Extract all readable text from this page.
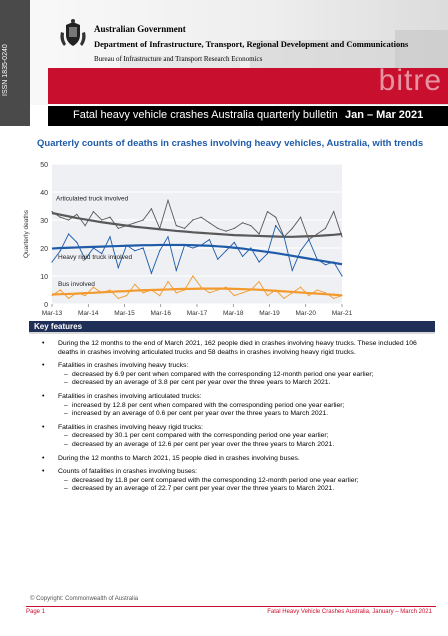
bitre
ISSN 1835-0240
Australian Government
Department of Infrastructure, Transport, Regional Development and Communications
Bureau of Infrastructure and Transport Research Economics
Fatal heavy vehicle crashes Australia quarterly bulletin Jan – Mar 2021
Quarterly counts of deaths in crashes involving heavy vehicles, Australia, with trends
0
10
20
30
40
50
Quarterly deaths
Mar-13 Mar-14 Mar-15 Mar-16 Mar-17 Mar-18 Mar-19 Mar-20 Mar-21
Articulated truck involved
Heavy rigid truck involved
Bus involved
Key features
• During the 12 months to the end of March 2021, 162 people died in crashes involving heavy trucks. These included 106 deaths in crashes involving articulated trucks and 58 deaths in crashes involving heavy rigid trucks.
• Fatalities in crashes involving heavy trucks:
– decreased by 6.9 per cent when compared with the corresponding 12-month period one year earlier;
– decreased by an average of 3.8 per cent per year over the three years to March 2021.
• Fatalities in crashes involving articulated trucks:
– increased by 12.8 per cent when compared with the corresponding period one year earlier;
– increased by an average of 0.6 per cent per year over the three years to March 2021.
• Fatalities in crashes involving heavy rigid trucks:
– decreased by 30.1 per cent compared with the corresponding period one year earlier;
– decreased by an average of 12.6 per cent per year over the three years to March 2021.
• During the 12 months to March 2021, 15 people died in crashes involving buses.
• Counts of fatalities in crashes involving buses:
– decreased by 11.8 per cent compared with the corresponding 12-month period one year earlier;
– decreased by an average of 22.7 per cent per year over the three years to March 2021.
© Copyright: Commonwealth of Australia
Page 1	Fatal Heavy Vehicle Crashes Australia, January – March 2021
